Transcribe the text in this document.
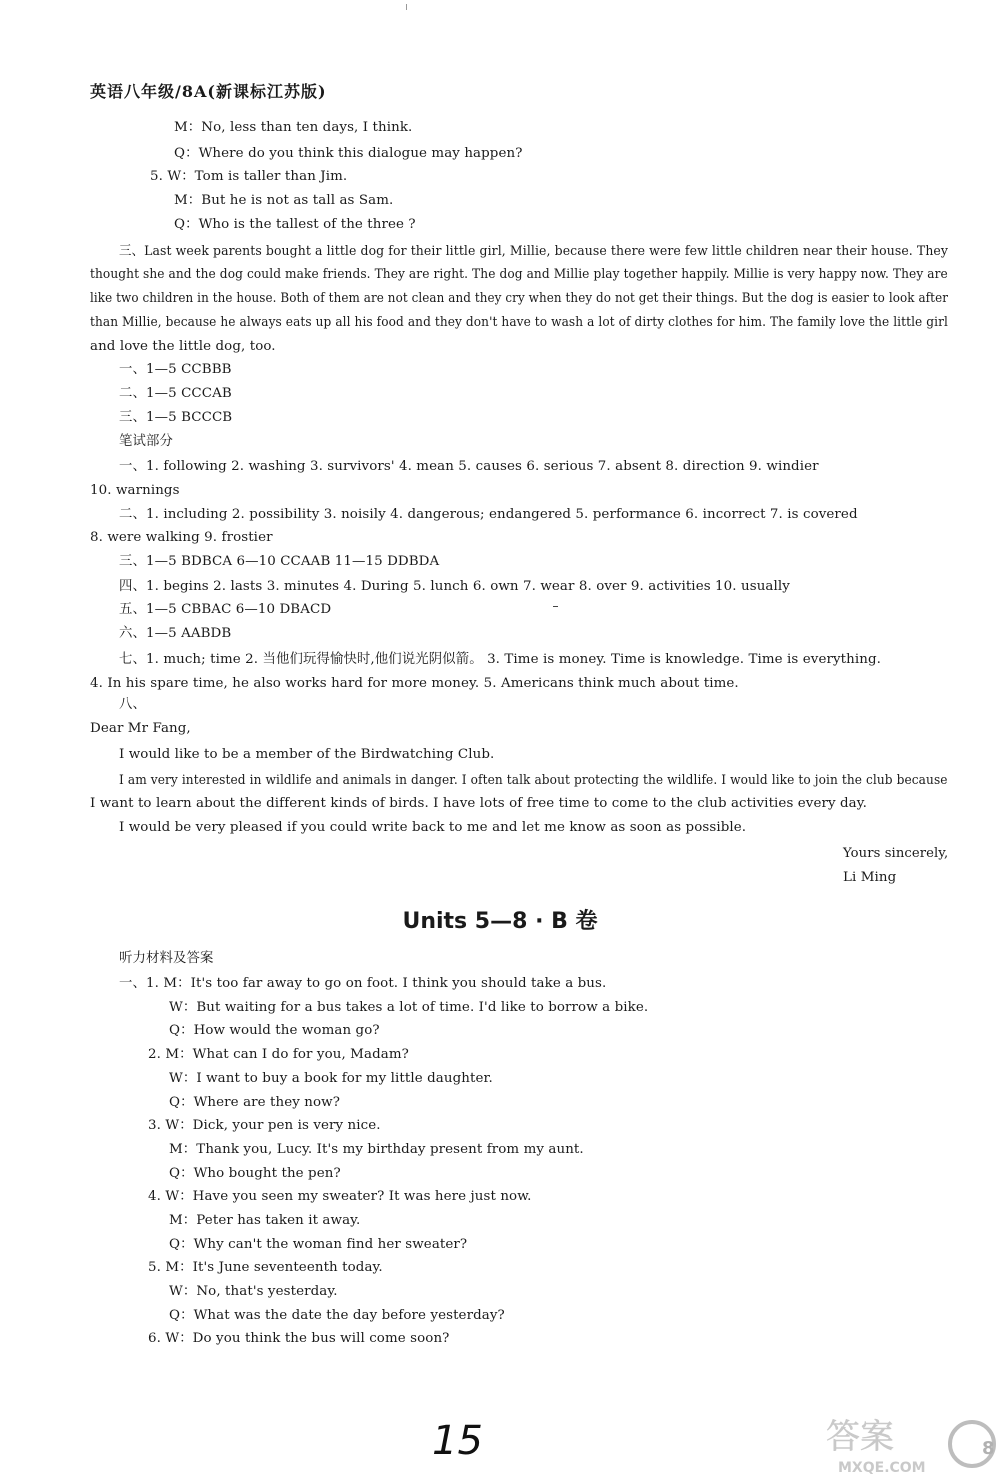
英语八年级/8A(新课标江苏版)
M：No, less than ten days, I think.
Q：Where do you think this dialogue may happen?
5. W：Tom is taller than Jim.
M：But he is not as tall as Sam.
Q：Who is the tallest of the three ?
三、Last week parents bought a little dog for their little girl, Millie, because there were few little children near their house. They
thought she and the dog could make friends. They are right. The dog and Millie play together happily. Millie is very happy now. They are
like two children in the house. Both of them are not clean and they cry when they do not get their things. But the dog is easier to look after
than Millie, because he always eats up all his food and they don't have to wash a lot of dirty clothes for him. The family love the little girl
and love the little dog, too.
一、1—5 CCBBB
二、1—5 CCCAB
三、1—5 BCCCB
笔试部分
一、1. following 2. washing 3. survivors' 4. mean 5. causes 6. serious 7. absent 8. direction 9. windier
10. warnings
二、1. including 2. possibility 3. noisily 4. dangerous; endangered 5. performance 6. incorrect 7. is covered
8. were walking 9. frostier
三、1—5 BDBCA 6—10 CCAAB 11—15 DDBDA
四、1. begins 2. lasts 3. minutes 4. During 5. lunch 6. own 7. wear 8. over 9. activities 10. usually
五、1—5 CBBAC 6—10 DBACD
六、1—5 AABDB
七、1. much; time 2. 当他们玩得愉快时,他们说光阴似箭。 3. Time is money. Time is knowledge. Time is everything.
4. In his spare time, he also works hard for more money. 5. Americans think much about time.
八、
Dear Mr Fang,
I would like to be a member of the Birdwatching Club.
I am very interested in wildlife and animals in danger. I often talk about protecting the wildlife. I would like to join the club because
I want to learn about the different kinds of birds. I have lots of free time to come to the club activities every day.
I would be very pleased if you could write back to me and let me know as soon as possible.
Yours sincerely,
Li Ming
听力材料及答案
一、1. M：It's too far away to go on foot. I think you should take a bus.
W：But waiting for a bus takes a lot of time. I'd like to borrow a bike.
Q：How would the woman go?
2. M：What can I do for you, Madam?
W：I want to buy a book for my little daughter.
Q：Where are they now?
3. W：Dick, your pen is very nice.
M：Thank you, Lucy. It's my birthday present from my aunt.
Q：Who bought the pen?
4. W：Have you seen my sweater? It was here just now.
M：Peter has taken it away.
Q：Why can't the woman find her sweater?
5. M：It's June seventeenth today.
W：No, that's yesterday.
Q：What was the date the day before yesterday?
6. W：Do you think the bus will come soon?
Units 5—8 · B 卷
15	答案
MXQE.COM
8
